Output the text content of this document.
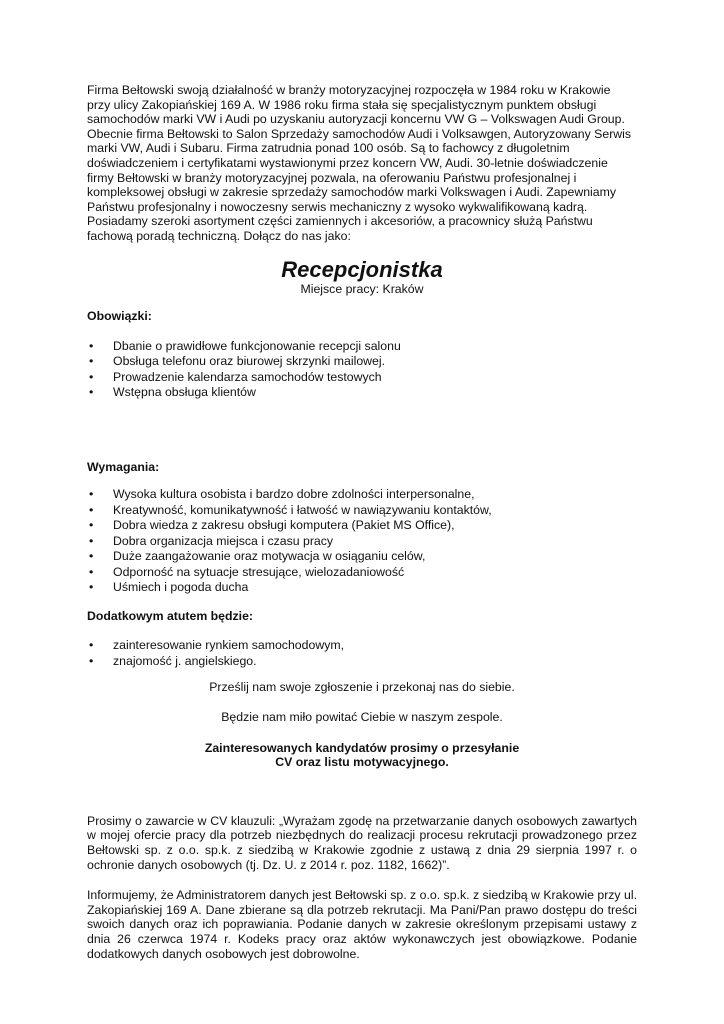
Firma Bełtowski swoją działalność w branży motoryzacyjnej rozpoczęła w 1984 roku w Krakowie przy ulicy Zakopiańskiej 169 A. W 1986 roku firma stała się specjalistycznym punktem obsługi samochodów marki VW i Audi po uzyskaniu autoryzacji koncernu VW G – Volkswagen Audi Group. Obecnie firma Bełtowski to Salon Sprzedaży samochodów Audi i Volksawgen, Autoryzowany Serwis marki VW, Audi i Subaru. Firma zatrudnia ponad 100 osób. Są to fachowcy z długoletnim doświadczeniem i certyfikatami wystawionymi przez koncern VW, Audi. 30-letnie doświadczenie firmy Bełtowski w branży motoryzacyjnej pozwala, na oferowaniu Państwu profesjonalnej i kompleksowej obsługi w zakresie sprzedaży samochodów marki Volkswagen i Audi. Zapewniamy Państwu profesjonalny i nowoczesny serwis mechaniczny z wysoko wykwalifikowaną kadrą. Posiadamy szeroki asortyment części zamiennych i akcesoriów, a pracownicy służą Państwu fachową poradą techniczną. Dołącz do nas jako:

Recepcjonistka

Miejsce pracy: Kraków

Obowiązki:

• Dbanie o prawidłowe funkcjonowanie recepcji salonu
• Obsługa telefonu oraz biurowej skrzynki mailowej.
• Prowadzenie kalendarza samochodów testowych
• Wstępna obsługa klientów

Wymagania:

• Wysoka kultura osobista i bardzo dobre zdolności interpersonalne,
• Kreatywność, komunikatywność i łatwość w nawiązywaniu kontaktów,
• Dobra wiedza z zakresu obsługi komputera (Pakiet MS Office),
• Dobra organizacja miejsca i czasu pracy
• Duże zaangażowanie oraz motywacja w osiąganiu celów,
• Odporność na sytuacje stresujące, wielozadaniowość
• Uśmiech i pogoda ducha

Dodatkowym atutem będzie:

• zainteresowanie rynkiem samochodowym,
• znajomość j. angielskiego.

Prześlij nam swoje zgłoszenie i przekonaj nas do siebie.

Będzie nam miło powitać Ciebie w naszym zespole.

Zainteresowanych kandydatów prosimy o przesyłanie

CV oraz listu motywacyjnego.

Prosimy o zawarcie w CV klauzuli: „Wyrażam zgodę na przetwarzanie danych osobowych zawartych w mojej ofercie pracy dla potrzeb niezbędnych do realizacji procesu rekrutacji prowadzonego przez Bełtowski sp. z o.o. sp.k. z siedzibą w Krakowie zgodnie z ustawą z dnia 29 sierpnia 1997 r. o ochronie danych osobowych (tj. Dz. U. z 2014 r. poz. 1182, 1662)”.

Informujemy, że Administratorem danych jest Bełtowski sp. z o.o. sp.k. z siedzibą w Krakowie przy ul. Zakopiańskiej 169 A. Dane zbierane są dla potrzeb rekrutacji. Ma Pani/Pan prawo dostępu do treści swoich danych oraz ich poprawiania. Podanie danych w zakresie określonym przepisami ustawy z dnia 26 czerwca 1974 r. Kodeks pracy oraz aktów wykonawczych jest obowiązkowe. Podanie dodatkowych danych osobowych jest dobrowolne.
